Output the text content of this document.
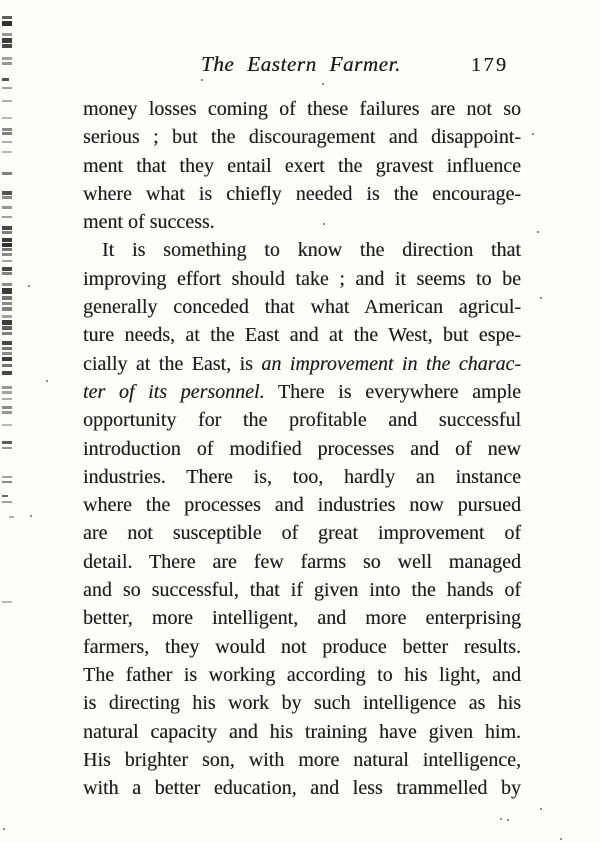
The Eastern Farmer.	179
money losses coming of these failures are not so
serious ; but the discouragement and disappoint-
ment that they entail exert the gravest influence
where what is chiefly needed is the encourage-
ment of success.
It is something to know the direction that
improving effort should take ; and it seems to be
generally conceded that what American agricul-
ture needs, at the East and at the West, but espe-
cially at the East, is an improvement in the charac-
ter of its personnel. There is everywhere ample
opportunity for the profitable and successful
introduction of modified processes and of new
industries. There is, too, hardly an instance
where the processes and industries now pursued
are not susceptible of great improvement of
detail. There are few farms so well managed
and so successful, that if given into the hands of
better, more intelligent, and more enterprising
farmers, they would not produce better results.
The father is working according to his light, and
is directing his work by such intelligence as his
natural capacity and his training have given him.
His brighter son, with more natural intelligence,
with a better education, and less trammelled by
